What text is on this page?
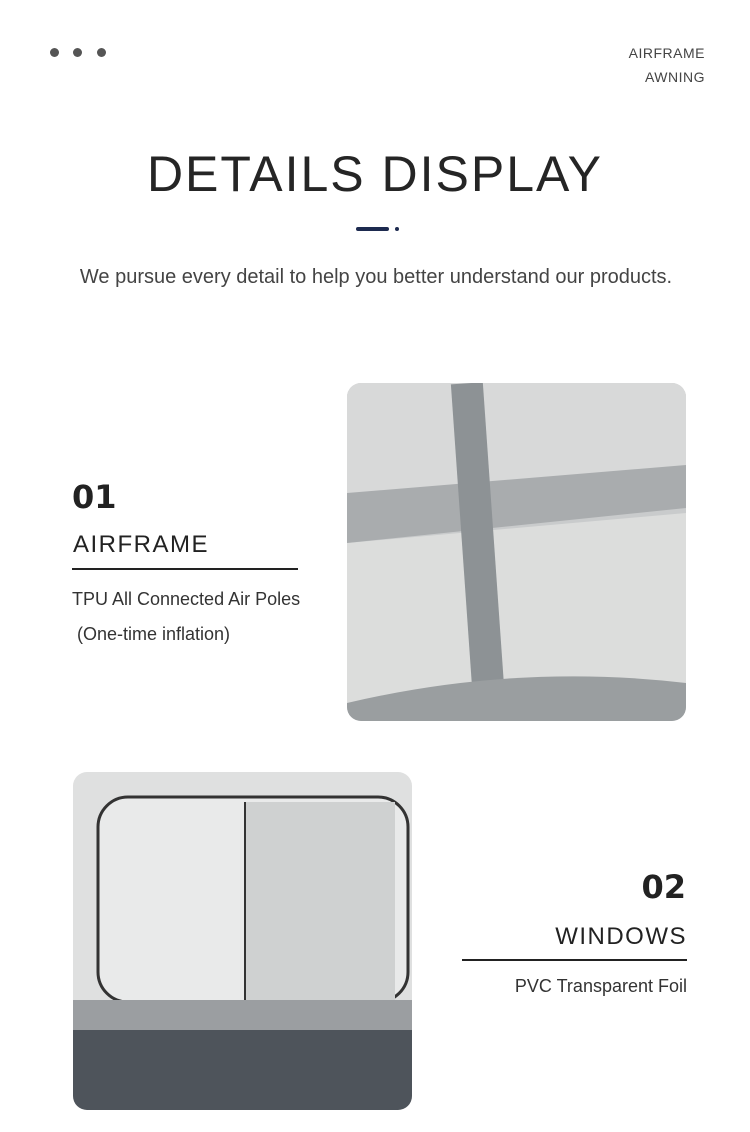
AIRFRAME
AWNING
DETAILS DISPLAY
We pursue every detail to help you better understand our products.
01
AIRFRAME
TPU All Connected Air Poles
(One-time inflation)
02
WINDOWS
PVC Transparent Foil
